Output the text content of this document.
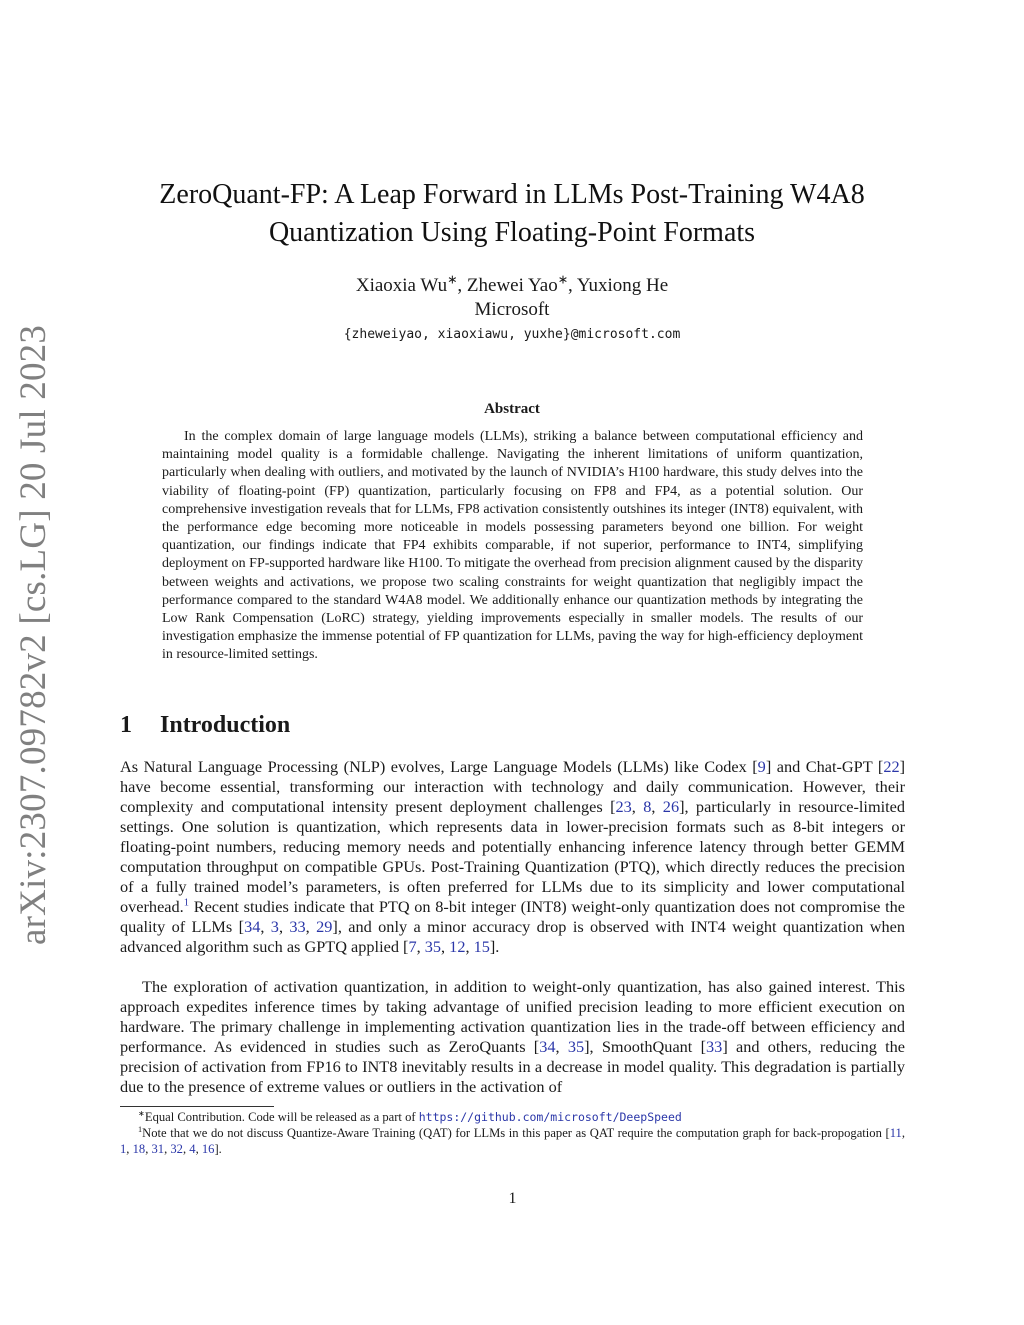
arXiv:2307.09782v2 [cs.LG] 20 Jul 2023
ZeroQuant-FP: A Leap Forward in LLMs Post-Training W4A8
Quantization Using Floating-Point Formats
Xiaoxia Wu∗, Zhewei Yao∗, Yuxiong He
Microsoft
{zheweiyao, xiaoxiawu, yuxhe}@microsoft.com
Abstract

In the complex domain of large language models (LLMs), striking a balance between computational efficiency and maintaining model quality is a formidable challenge. Navigating the inherent limitations of uniform quantization, particularly when dealing with outliers, and motivated by the launch of NVIDIA’s H100 hardware, this study delves into the viability of floating-point (FP) quantization, particularly focusing on FP8 and FP4, as a potential solution. Our comprehensive investigation reveals that for LLMs, FP8 activation consistently outshines its integer (INT8) equivalent, with the performance edge becoming more noticeable in models possessing parameters beyond one billion. For weight quantization, our findings indicate that FP4 exhibits comparable, if not superior, performance to INT4, simplifying deployment on FP-supported hardware like H100. To mitigate the overhead from precision alignment caused by the disparity between weights and activations, we propose two scaling constraints for weight quantization that negligibly impact the performance compared to the standard W4A8 model. We additionally enhance our quantization methods by integrating the Low Rank Compensation (LoRC) strategy, yielding improvements especially in smaller models. The results of our investigation emphasize the immense potential of FP quantization for LLMs, paving the way for high-efficiency deployment in resource-limited settings.

1 Introduction

As Natural Language Processing (NLP) evolves, Large Language Models (LLMs) like Codex [9] and Chat-GPT [22] have become essential, transforming our interaction with technology and daily communication. However, their complexity and computational intensity present deployment challenges [23, 8, 26], particularly in resource-limited settings. One solution is quantization, which represents data in lower-precision formats such as 8-bit integers or floating-point numbers, reducing memory needs and potentially enhancing inference latency through better GEMM computation throughput on compatible GPUs. Post-Training Quantization (PTQ), which directly reduces the precision of a fully trained model’s parameters, is often preferred for LLMs due to its simplicity and lower computational overhead.$^1$ Recent studies indicate that PTQ on 8-bit integer (INT8) weight-only quantization does not compromise the quality of LLMs [34, 3, 33, 29], and only a minor accuracy drop is observed with INT4 weight quantization when advanced algorithm such as GPTQ applied [7, 35, 12, 15].

The exploration of activation quantization, in addition to weight-only quantization, has also gained interest. This approach expedites inference times by taking advantage of unified precision leading to more efficient execution on hardware. The primary challenge in implementing activation quantization lies in the trade-off between efficiency and performance. As evidenced in studies such as ZeroQuants [34, 35], SmoothQuant [33] and others, reducing the precision of activation from FP16 to INT8 inevitably results in a decrease in model quality. This degradation is partially due to the presence of extreme values or outliers in the activation of

∗Equal Contribution. Code will be released as a part of https://github.com/microsoft/DeepSpeed

$^1$Note that we do not discuss Quantize-Aware Training (QAT) for LLMs in this paper as QAT require the computation graph for back-propogation [11, 1, 18, 31, 32, 4, 16].

1
